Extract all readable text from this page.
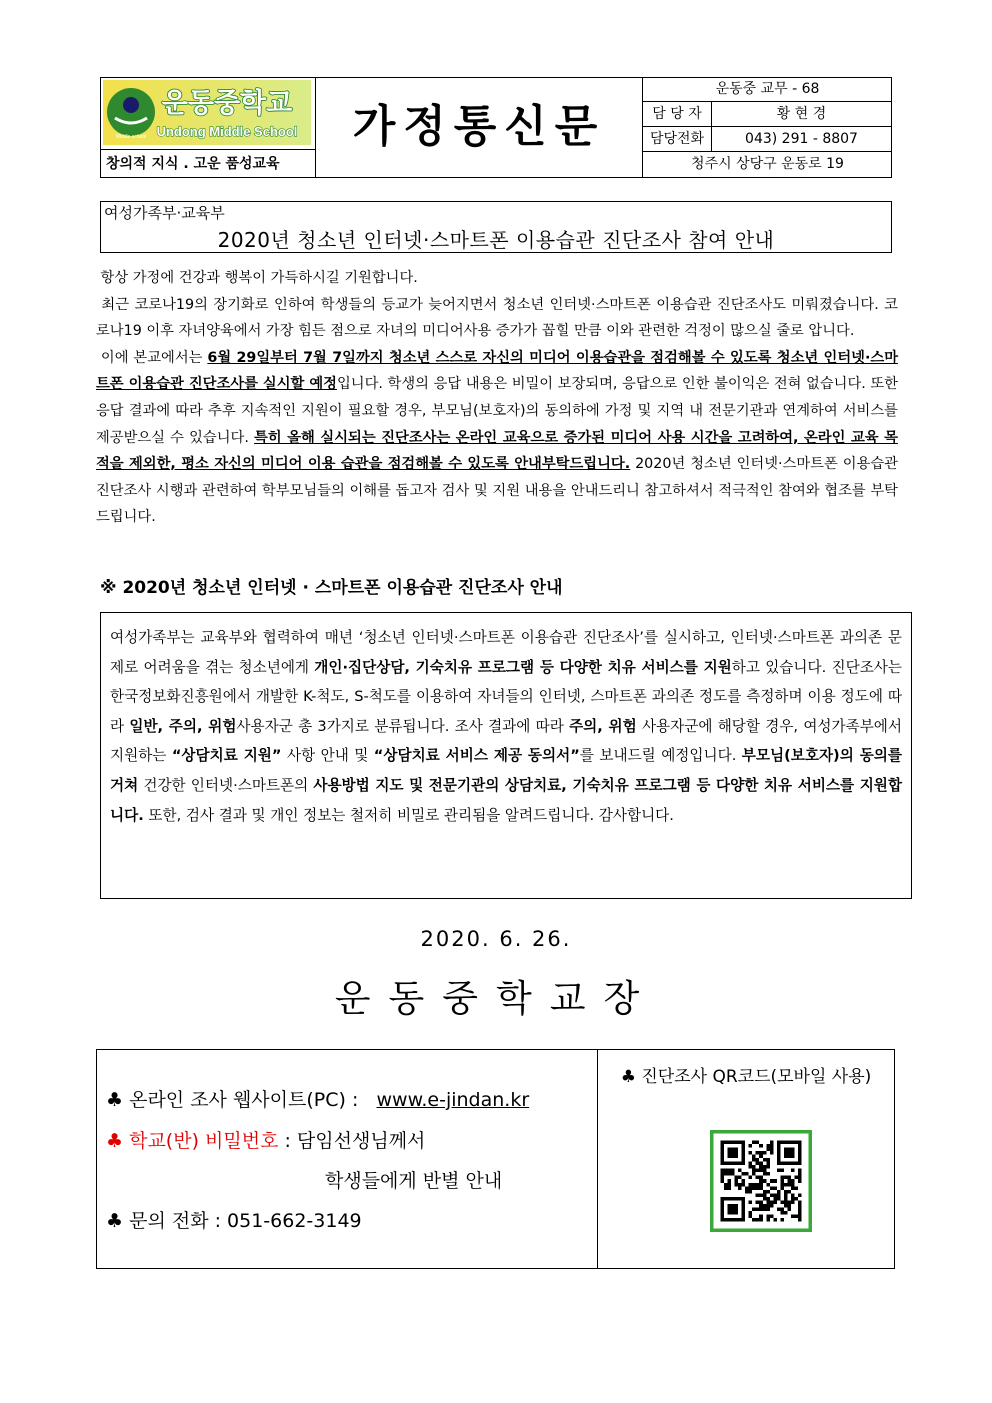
Middle school
운동중학교
Undong Middle School
창의적 지식 . 고운 품성교육
가정통신문
운동중 교무 - 68
담 당 자	황 현 경
담당전화	043) 291 - 8807
청주시 상당구 운동로 19
여성가족부·교육부
2020년 청소년 인터넷·스마트폰 이용습관 진단조사 참여 안내

항상 가정에 건강과 행복이 가득하시길 기원합니다.

최근 코로나19의 장기화로 인하여 학생들의 등교가 늦어지면서 청소년 인터넷·스마트폰 이용습관 진단조사도 미뤄졌습니다. 코로나19 이후 자녀양육에서 가장 힘든 점으로 자녀의 미디어사용 증가가 꼽힐 만큼 이와 관련한 걱정이 많으실 줄로 압니다.

이에 본교에서는 6월 29일부터 7월 7일까지 청소년 스스로 자신의 미디어 이용습관을 점검해볼 수 있도록 청소년 인터넷·스마트폰 이용습관 진단조사를 실시할 예정입니다. 학생의 응답 내용은 비밀이 보장되며, 응답으로 인한 불이익은 전혀 없습니다. 또한 응답 결과에 따라 추후 지속적인 지원이 필요할 경우, 부모님(보호자)의 동의하에 가정 및 지역 내 전문기관과 연계하여 서비스를 제공받으실 수 있습니다. 특히 올해 실시되는 진단조사는 온라인 교육으로 증가된 미디어 사용 시간을 고려하여, 온라인 교육 목적을 제외한, 평소 자신의 미디어 이용 습관을 점검해볼 수 있도록 안내부탁드립니다. 2020년 청소년 인터넷·스마트폰 이용습관 진단조사 시행과 관련하여 학부모님들의 이해를 돕고자 검사 및 지원 내용을 안내드리니 참고하셔서 적극적인 참여와 협조를 부탁드립니다.

※ 2020년 청소년 인터넷 · 스마트폰 이용습관 진단조사 안내
여성가족부는 교육부와 협력하여 매년 ‘청소년 인터넷·스마트폰 이용습관 진단조사’를 실시하고, 인터넷·스마트폰 과의존 문제로 어려움을 겪는 청소년에게 개인·집단상담, 기숙치유 프로그램 등 다양한 치유 서비스를 지원하고 있습니다. 진단조사는 한국정보화진흥원에서 개발한 K-척도, S-척도를 이용하여 자녀들의 인터넷, 스마트폰 과의존 정도를 측정하며 이용 정도에 따라 일반, 주의, 위험사용자군 총 3가지로 분류됩니다. 조사 결과에 따라 주의, 위험 사용자군에 해당할 경우, 여성가족부에서 지원하는 “상담치료 지원” 사항 안내 및 “상담치료 서비스 제공 동의서”를 보내드릴 예정입니다. 부모님(보호자)의 동의를 거쳐 건강한 인터넷·스마트폰의 사용방법 지도 및 전문기관의 상담치료, 기숙치유 프로그램 등 다양한 치유 서비스를 지원합니다. 또한, 검사 결과 및 개인 정보는 철저히 비밀로 관리됨을 알려드립니다. 감사합니다.
2020. 6. 26.
운동중학교장
♣ 온라인 조사 웹사이트(PC) :   www.e-jindan.kr
♣ 학교(반) 비밀번호 : 담임선생님께서
학생들에게 반별 안내
♣ 문의 전화 : 051-662-3149
♣ 진단조사 QR코드(모바일 사용)
